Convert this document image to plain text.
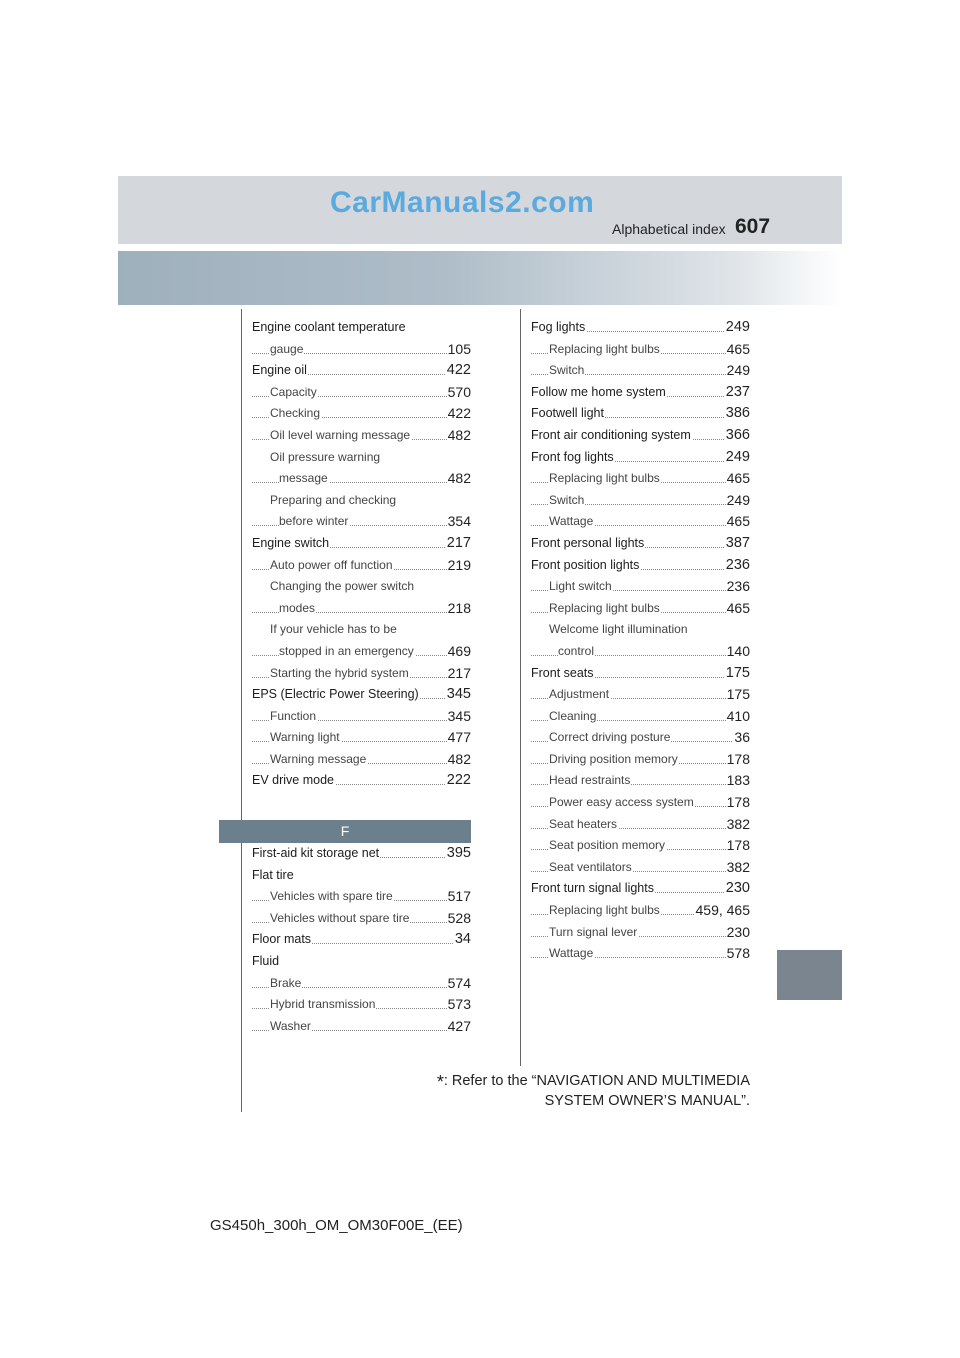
CarManuals2.com
Alphabetical index 607
Engine coolant temperature
gauge	105
Engine oil	422
Capacity	570
Checking	422
Oil level warning message	482
Oil pressure warning
message	482
Preparing and checking
before winter	354
Engine switch	217
Auto power off function	219
Changing the power switch
modes	218
If your vehicle has to be
stopped in an emergency 469
Starting the hybrid system	217
EPS (Electric Power Steering) 345
Function	345
Warning light	477
Warning message	482
EV drive mode	222
F
First-aid kit storage net	395
Flat tire
Vehicles with spare tire	517
Vehicles without spare tire	528
Floor mats	34
Fluid
Brake	574
Hybrid transmission	573
Washer	427
Fog lights	249
Replacing light bulbs	465
Switch	249
Follow me home system	237
Footwell light	386
Front air conditioning system 366
Front fog lights	249
Replacing light bulbs	465
Switch	249
Wattage	465
Front personal lights	387
Front position lights	236
Light switch	236
Replacing light bulbs	465
Welcome light illumination
control	140
Front seats	175
Adjustment	175
Cleaning	410
Correct driving posture	36
Driving position memory	178
Head restraints	183
Power easy access system 178
Seat heaters	382
Seat position memory	178
Seat ventilators	382
Front turn signal lights	230
Replacing light bulbs	459, 465
Turn signal lever	230
Wattage	578
*: Refer to the “NAVIGATION AND MULTIMEDIA
SYSTEM OWNER’S MANUAL”.
GS450h_300h_OM_OM30F00E_(EE)
